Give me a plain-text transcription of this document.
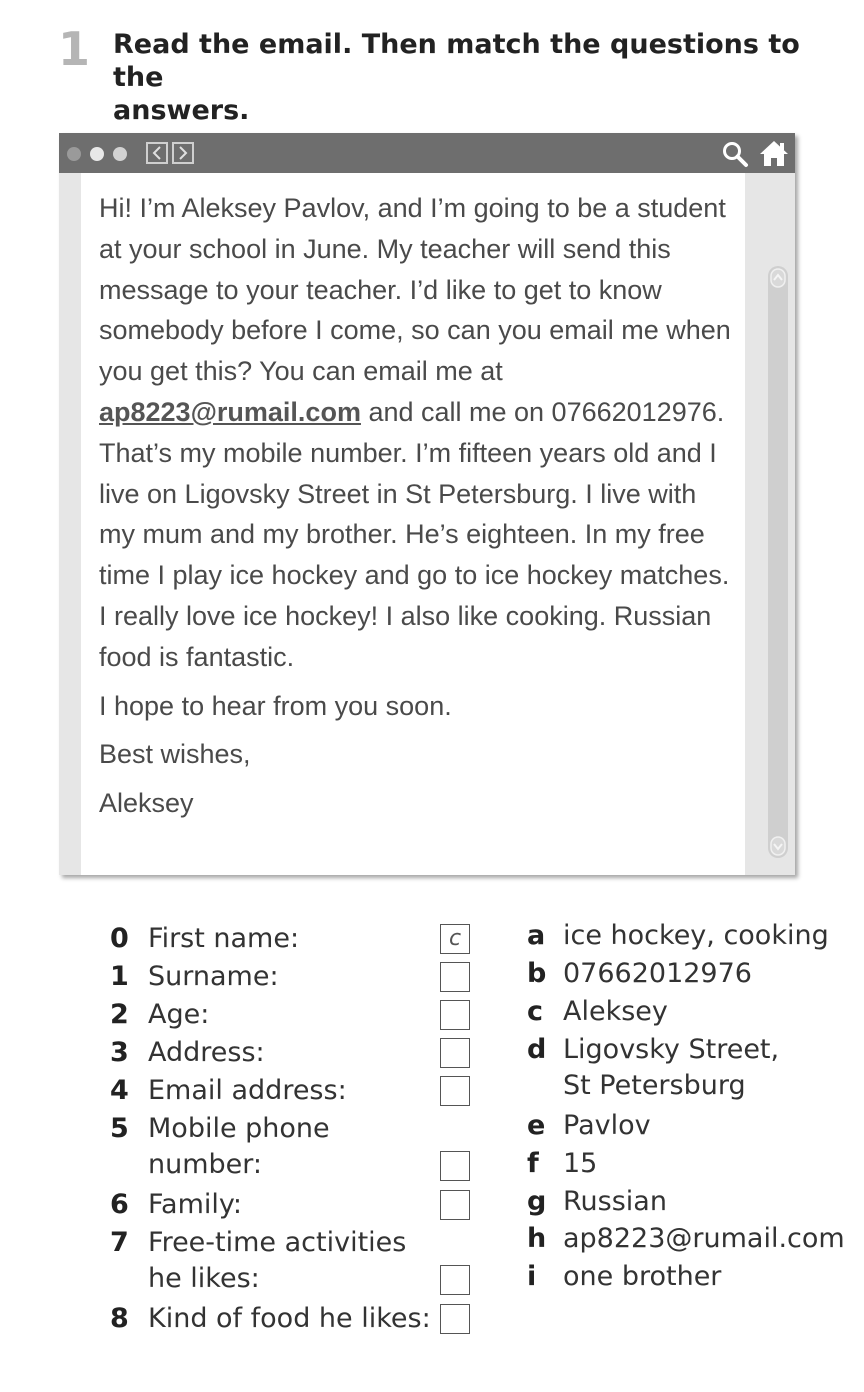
1 Read the email. Then match the questions to the
answers.

Hi! I’m Aleksey Pavlov, and I’m going to be a student at your school in June. My teacher will send this message to your teacher. I’d like to get to know somebody before I come, so can you email me when you get this? You can email me at ap8223@rumail.com and call me on 07662012976. That’s my mobile number. I’m fifteen years old and I live on Ligovsky Street in St Petersburg. I live with my mum and my brother. He’s eighteen. In my free time I play ice hockey and go to ice hockey matches. I really love ice hockey! I also like cooking. Russian food is fantastic.

I hope to hear from you soon.

Best wishes,

Aleksey

0 First name:	c
1 Surname:
2 Age:
3 Address:
4 Email address:
5 Mobile phone
number:
6 Family:
7 Free-time activities
he likes:
8 Kind of food he likes:
a ice hockey, cooking
b 07662012976
c Aleksey
d Ligovsky Street,
St Petersburg
e Pavlov
f 15
g Russian
h ap8223@rumail.com
i one brother
